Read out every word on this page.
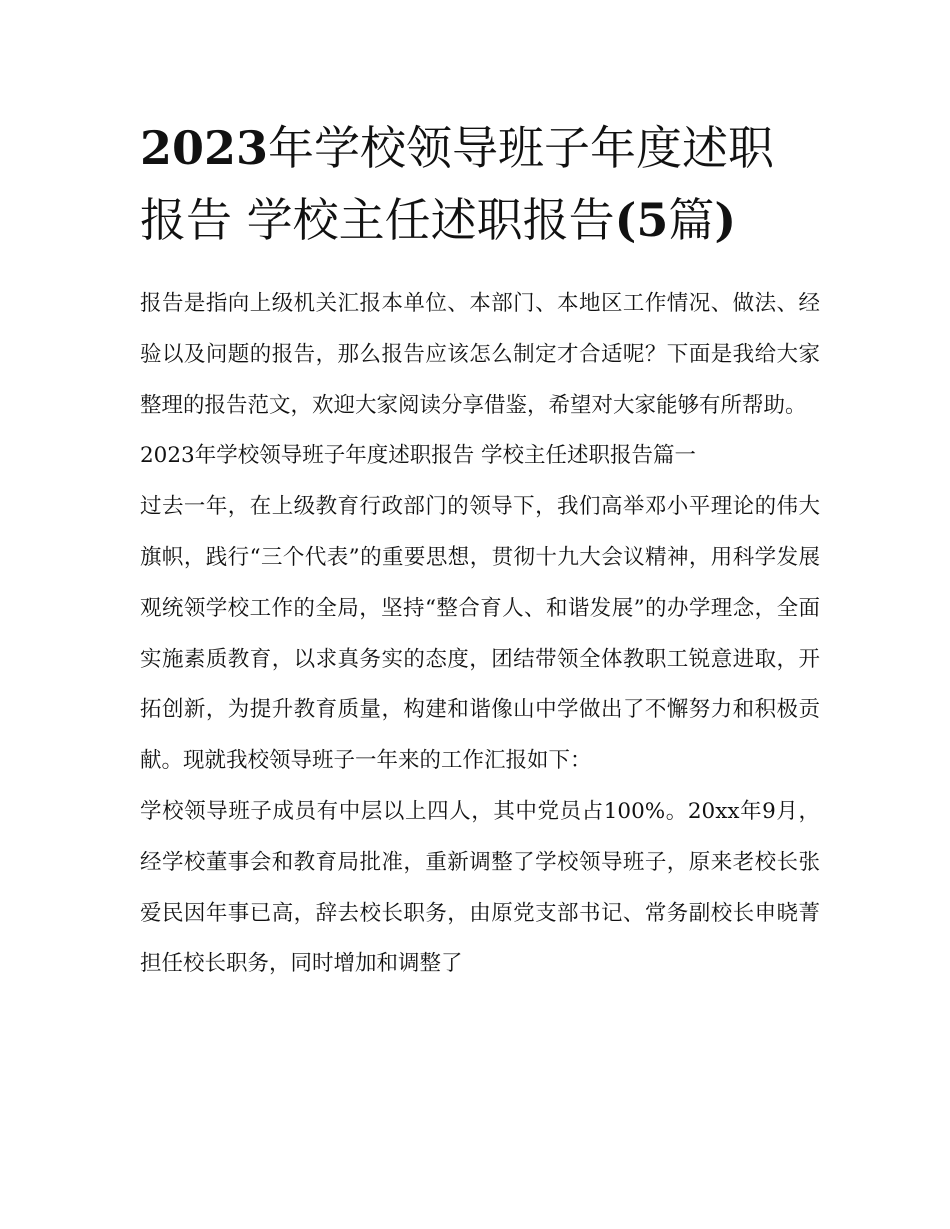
2023年学校领导班子年度述职
报告 学校主任述职报告(5篇)

报告是指向上级机关汇报本单位、本部门、本地区工作情况、做法、经验以及问题的报告，那么报告应该怎么制定才合适呢？下面是我给大家整理的报告范文，欢迎大家阅读分享借鉴，希望对大家能够有所帮助。

2023年学校领导班子年度述职报告 学校主任述职报告篇一

过去一年，在上级教育行政部门的领导下，我们高举邓小平理论的伟大旗帜，践行“三个代表”的重要思想，贯彻十九大会议精神，用科学发展观统领学校工作的全局，坚持“整合育人、和谐发展”的办学理念，全面实施素质教育，以求真务实的态度，团结带领全体教职工锐意进取，开拓创新，为提升教育质量，构建和谐像山中学做出了不懈努力和积极贡献。现就我校领导班子一年来的工作汇报如下：

学校领导班子成员有中层以上四人，其中党员占100%。20xx年9月，经学校董事会和教育局批准，重新调整了学校领导班子，原来老校长张爱民因年事已高，辞去校长职务，由原党支部书记、常务副校长申晓菁担任校长职务，同时增加和调整了
